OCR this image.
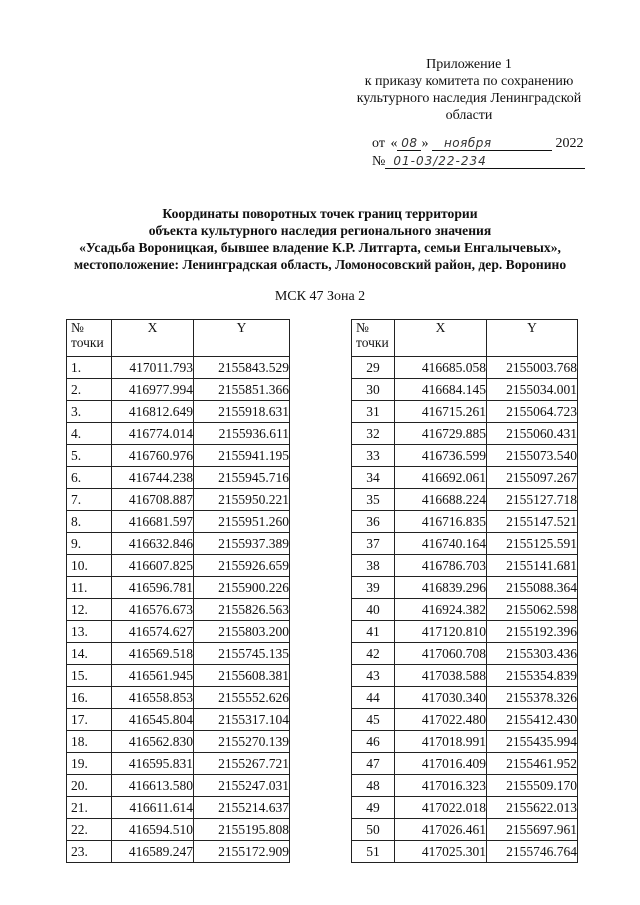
Приложение 1
к приказу комитета по сохранению
культурного наследия Ленинградской
области
от « 08 » ноября	2022
№ 01-03/22-234
Координаты поворотных точек границ территории
объекта культурного наследия регионального значения
«Усадьба Вороницкая, бывшее владение К.Р. Литгарта, семьи Енгалычевых»,
местоположение: Ленинградская область, Ломоносовский район, дер. Воронино
МСК 47 Зона 2
№
точки	X	Y
1.	417011.793	2155843.529
2.	416977.994	2155851.366
3.	416812.649	2155918.631
4.	416774.014	2155936.611
5.	416760.976	2155941.195
6.	416744.238	2155945.716
7.	416708.887	2155950.221
8.	416681.597	2155951.260
9.	416632.846	2155937.389
10.	416607.825	2155926.659
11.	416596.781	2155900.226
12.	416576.673	2155826.563
13.	416574.627	2155803.200
14.	416569.518	2155745.135
15.	416561.945	2155608.381
16.	416558.853	2155552.626
17.	416545.804	2155317.104
18.	416562.830	2155270.139
19.	416595.831	2155267.721
20.	416613.580	2155247.031
21.	416611.614	2155214.637
22.	416594.510	2155195.808
23.	416589.247	2155172.909
№
точки	X	Y
29	416685.058	2155003.768
30	416684.145	2155034.001
31	416715.261	2155064.723
32	416729.885	2155060.431
33	416736.599	2155073.540
34	416692.061	2155097.267
35	416688.224	2155127.718
36	416716.835	2155147.521
37	416740.164	2155125.591
38	416786.703	2155141.681
39	416839.296	2155088.364
40	416924.382	2155062.598
41	417120.810	2155192.396
42	417060.708	2155303.436
43	417038.588	2155354.839
44	417030.340	2155378.326
45	417022.480	2155412.430
46	417018.991	2155435.994
47	417016.409	2155461.952
48	417016.323	2155509.170
49	417022.018	2155622.013
50	417026.461	2155697.961
51	417025.301	2155746.764
